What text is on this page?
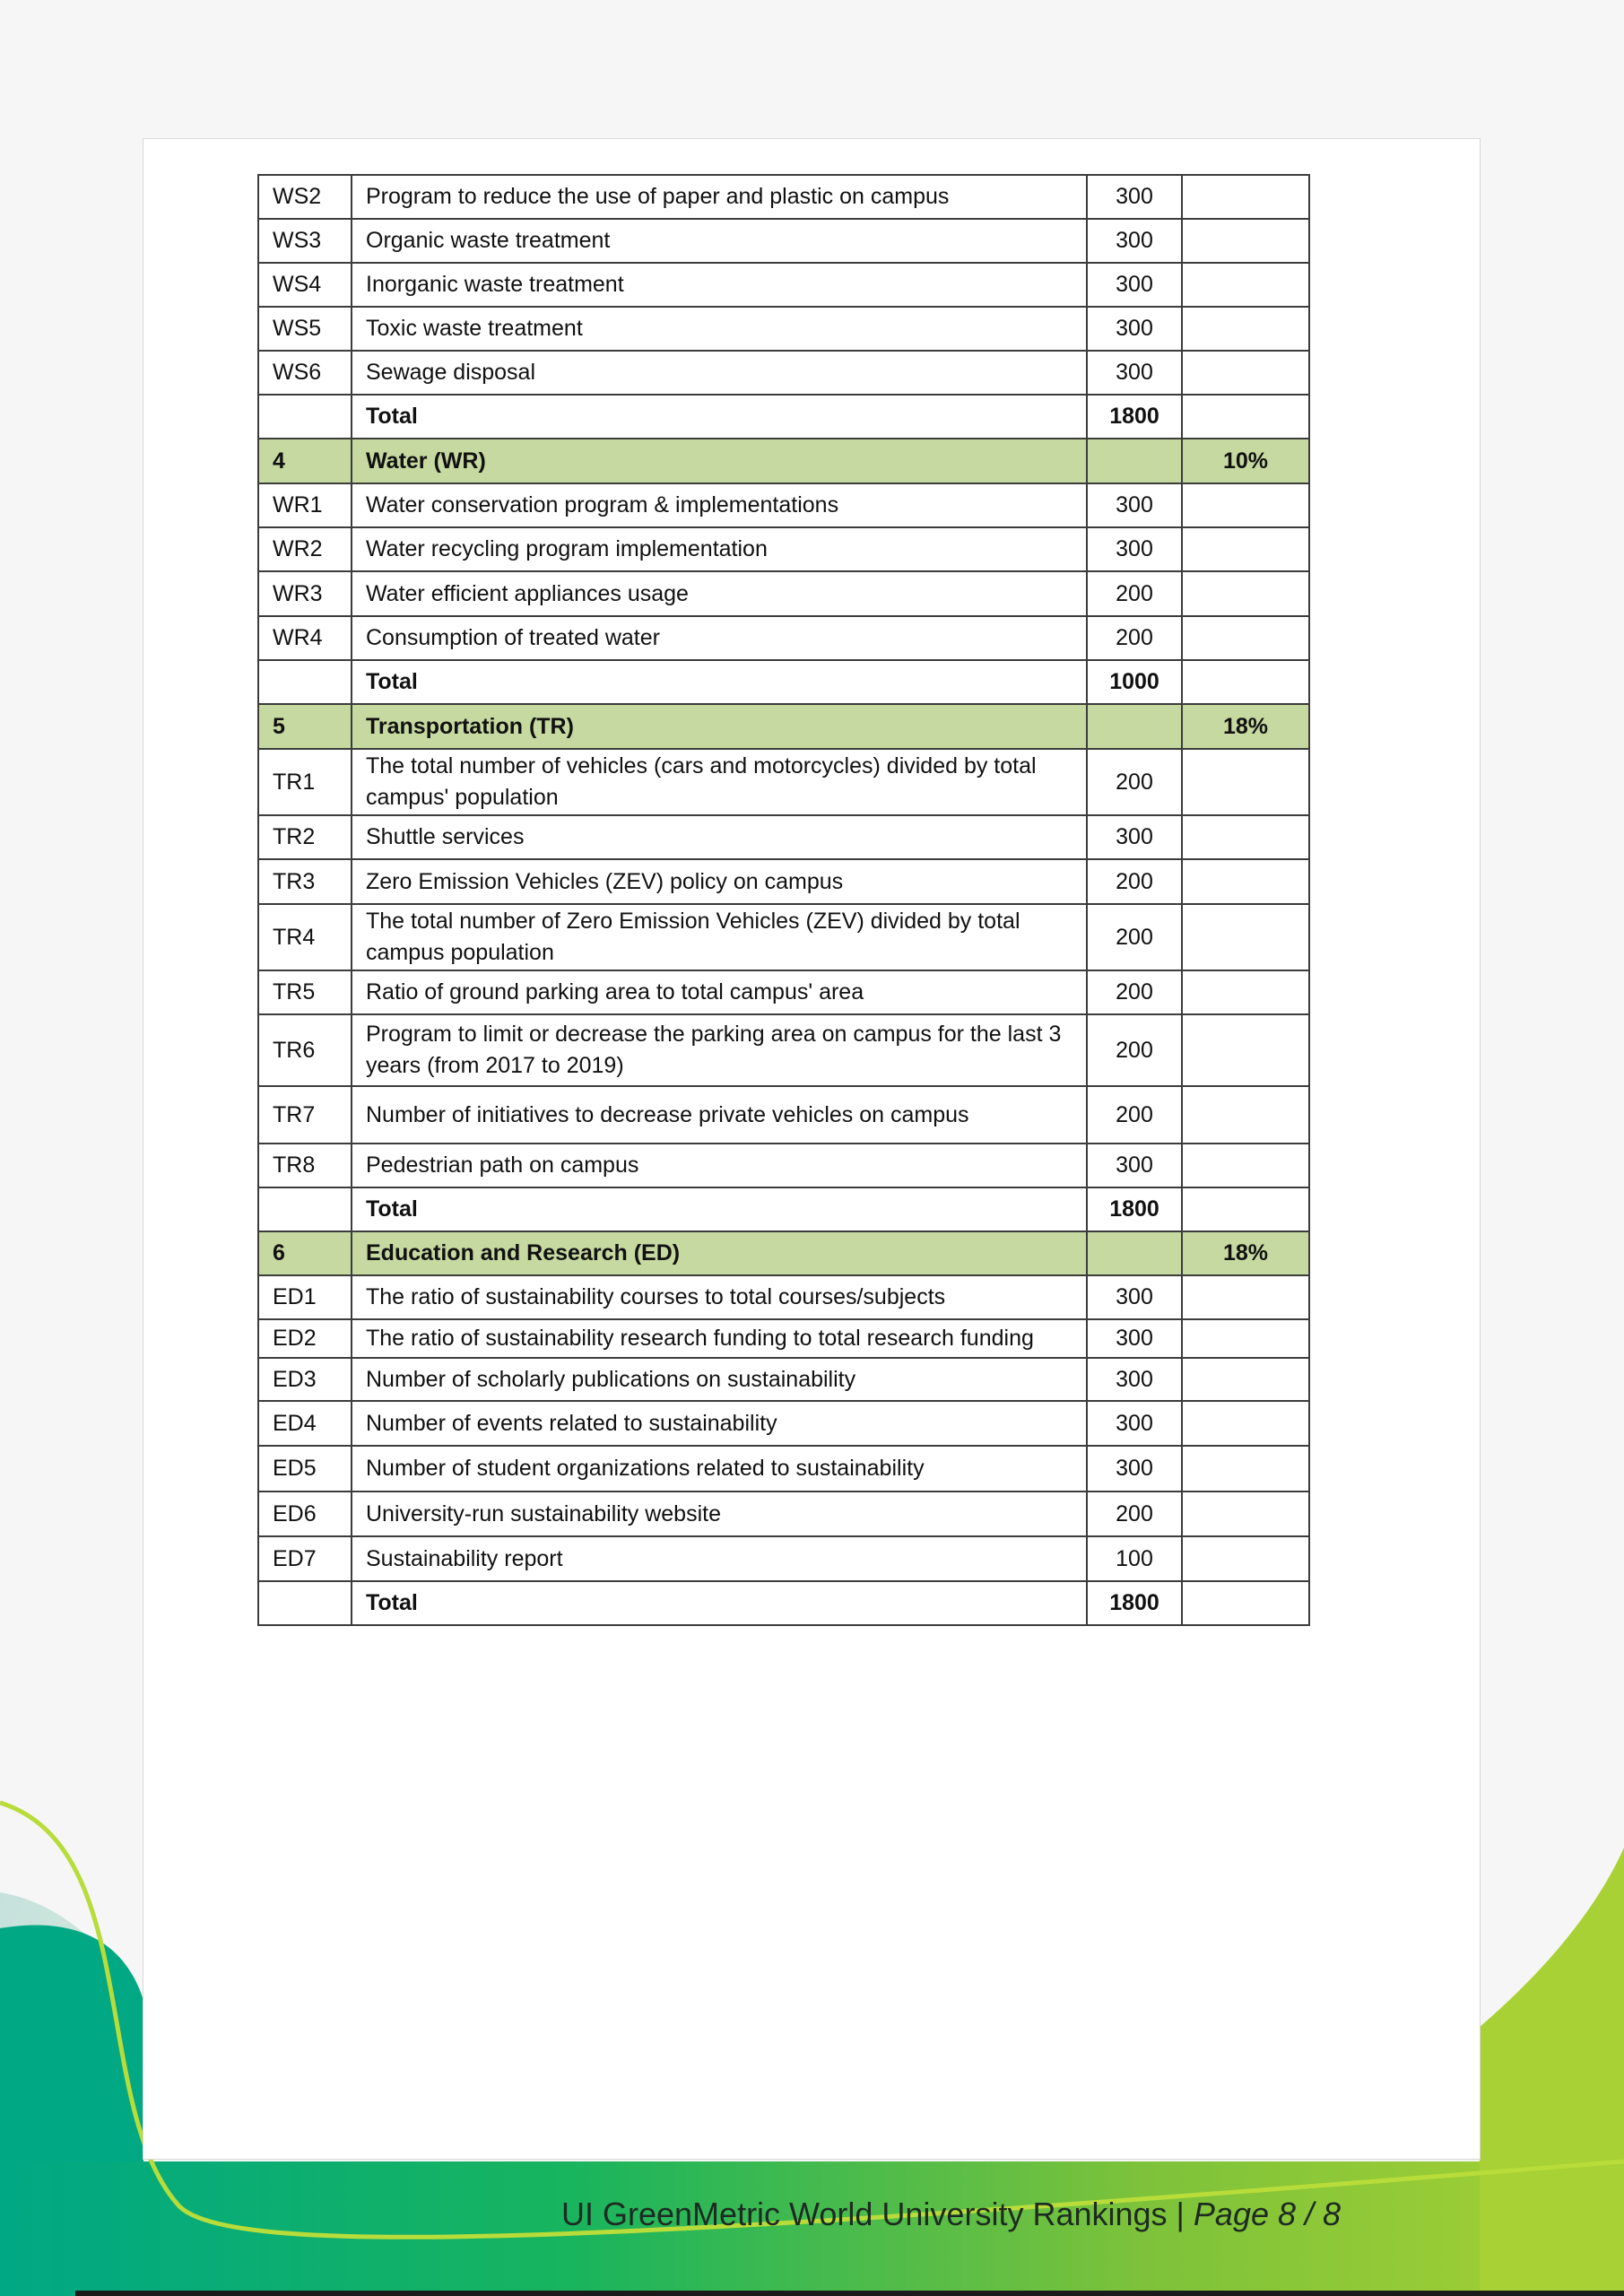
WS2	Program to reduce the use of paper and plastic on campus	300	
WS3	Organic waste treatment	300	
WS4	Inorganic waste treatment	300	
WS5	Toxic waste treatment	300	
WS6	Sewage disposal	300	
	Total	1800	
4	Water (WR)		10%
WR1	Water conservation program & implementations	300	
WR2	Water recycling program implementation	300	
WR3	Water efficient appliances usage	200	
WR4	Consumption of treated water	200	
	Total	1000	
5	Transportation (TR)		18%
TR1	The total number of vehicles (cars and motorcycles) divided by total campus' population	200	
TR2	Shuttle services	300	
TR3	Zero Emission Vehicles (ZEV) policy on campus	200	
TR4	The total number of Zero Emission Vehicles (ZEV) divided by total campus population	200	
TR5	Ratio of ground parking area to total campus' area	200	
TR6	Program to limit or decrease the parking area on campus for the last 3 years (from 2017 to 2019)	200	
TR7	Number of initiatives to decrease private vehicles on campus	200	
TR8	Pedestrian path on campus	300	
	Total	1800	
6	Education and Research (ED)		18%
ED1	The ratio of sustainability courses to total courses/subjects	300	
ED2	The ratio of sustainability research funding to total research funding	300	
ED3	Number of scholarly publications on sustainability	300	
ED4	Number of events related to sustainability	300	
ED5	Number of student organizations related to sustainability	300	
ED6	University-run sustainability website	200	
ED7	Sustainability report	100	
	Total	1800	
UI GreenMetric World University Rankings | Page 8 / 8
